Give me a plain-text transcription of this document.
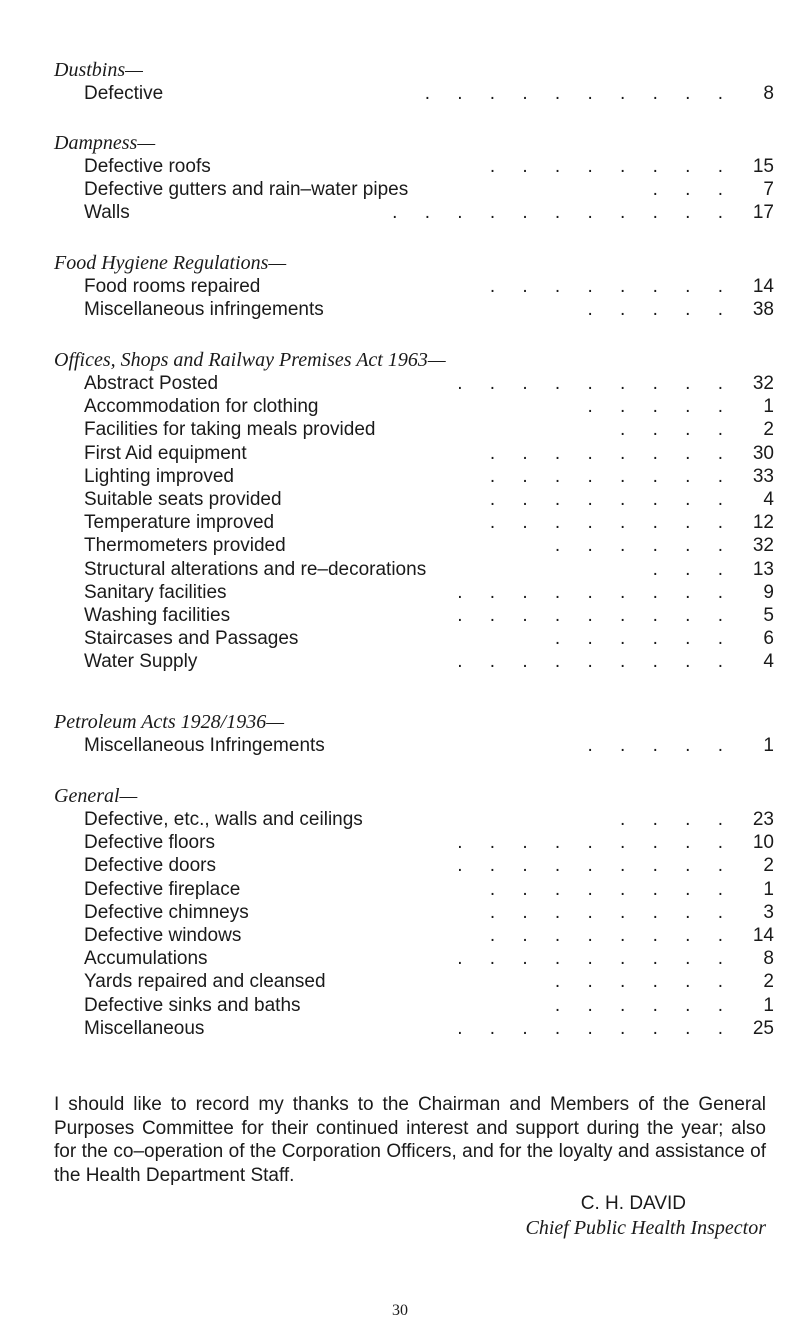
Dustbins—
Defective	. . . . . . . . . .	8
Dampness—
Defective roofs	. . . . . . . . 15
Defective gutters and rain–water pipes	. . .	7
Walls	. . . . . . . . . . . 17
Food Hygiene Regulations—
Food rooms repaired	. . . . . . . . 14
Miscellaneous infringements	. . . . . 38
Offices, Shops and Railway Premises Act 1963—
Abstract Posted	. . . . . . . . . 32
Accommodation for clothing	. . . . .	1
Facilities for taking meals provided	. . . .	2
First Aid equipment	. . . . . . . . 30
Lighting improved	. . . . . . . . 33
Suitable seats provided	. . . . . . . .	4
Temperature improved	. . . . . . . . 12
Thermometers provided	. . . . . . 32
Structural alterations and re–decorations	. . . 13
Sanitary facilities	. . . . . . . . .	9
Washing facilities	. . . . . . . . .	5
Staircases and Passages	. . . . . .	6
Water Supply	. . . . . . . . .	4
Petroleum Acts 1928/1936—
Miscellaneous Infringements	. . . . .	1
General—
Defective, etc., walls and ceilings	. . . . 23
Defective floors	. . . . . . . . . 10
Defective doors	. . . . . . . . .	2
Defective fireplace	. . . . . . . .	1
Defective chimneys	. . . . . . . .	3
Defective windows	. . . . . . . . 14
Accumulations	. . . . . . . . .	8
Yards repaired and cleansed	. . . . . .	2
Defective sinks and baths	. . . . . .	1
Miscellaneous	. . . . . . . . . 25

I should like to record my thanks to the Chairman and Members of the General Purposes Committee for their continued interest and support during the year; also for the co–operation of the Corporation Officers, and for the loyalty and assistance of the Health Department Staff.

C. H. DAVID
Chief Public Health Inspector
30
